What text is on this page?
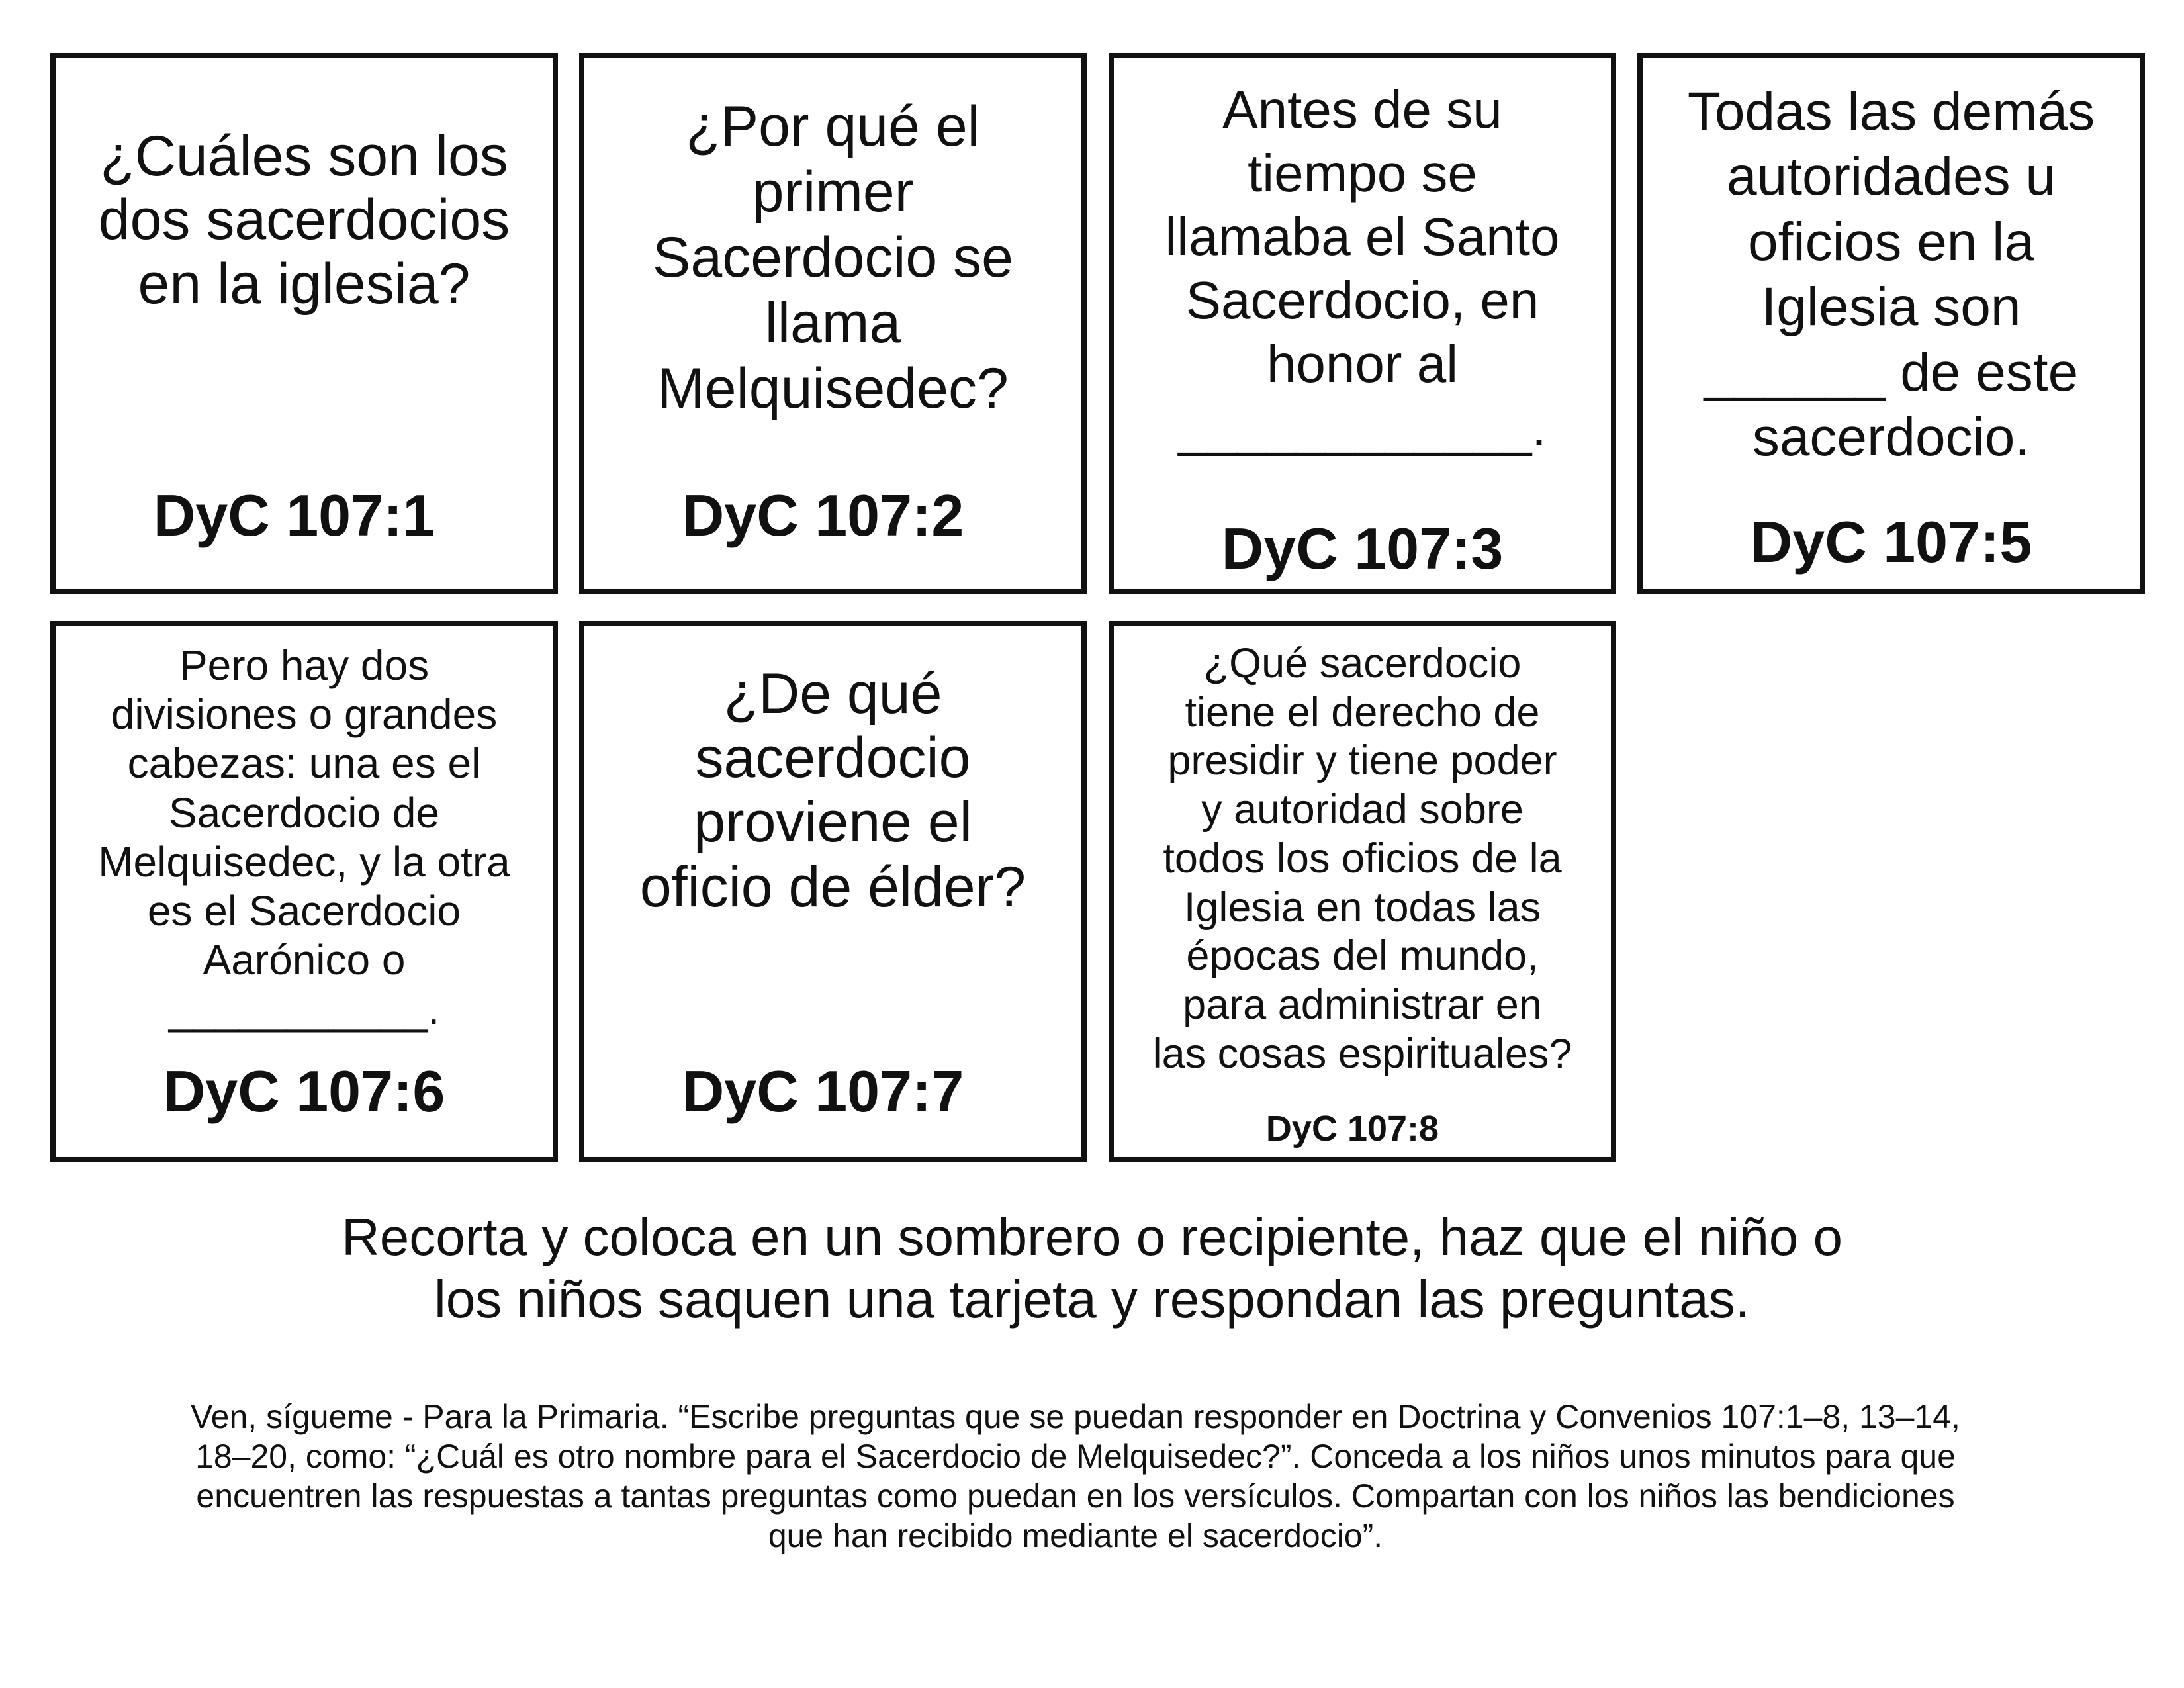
¿Cuáles son los
dos sacerdocios
en la iglesia?
DyC 107:1
¿Por qué el
primer
Sacerdocio se
llama
Melquisedec?
DyC 107:2
Antes de su
tiempo se
llamaba el Santo
Sacerdocio, en
honor al
____________.
DyC 107:3
Todas las demás
autoridades u
oficios en la
Iglesia son
______ de este
sacerdocio.
DyC 107:5
Pero hay dos
divisiones o grandes
cabezas: una es el
Sacerdocio de
Melquisedec, y la otra
es el Sacerdocio
Aarónico o
___________.
DyC 107:6
¿De qué
sacerdocio
proviene el
oficio de élder?
DyC 107:7
¿Qué sacerdocio
tiene el derecho de
presidir y tiene poder
y autoridad sobre
todos los oficios de la
Iglesia en todas las
épocas del mundo,
para administrar en
las cosas espirituales?
DyC 107:8
Recorta y coloca en un sombrero o recipiente, haz que el niño o
los niños saquen una tarjeta y respondan las preguntas.
Ven, sígueme - Para la Primaria. “Escribe preguntas que se puedan responder en Doctrina y Convenios 107:1–8, 13–14,
18–20, como: “¿Cuál es otro nombre para el Sacerdocio de Melquisedec?”. Conceda a los niños unos minutos para que
encuentren las respuestas a tantas preguntas como puedan en los versículos. Compartan con los niños las bendiciones
que han recibido mediante el sacerdocio”.
